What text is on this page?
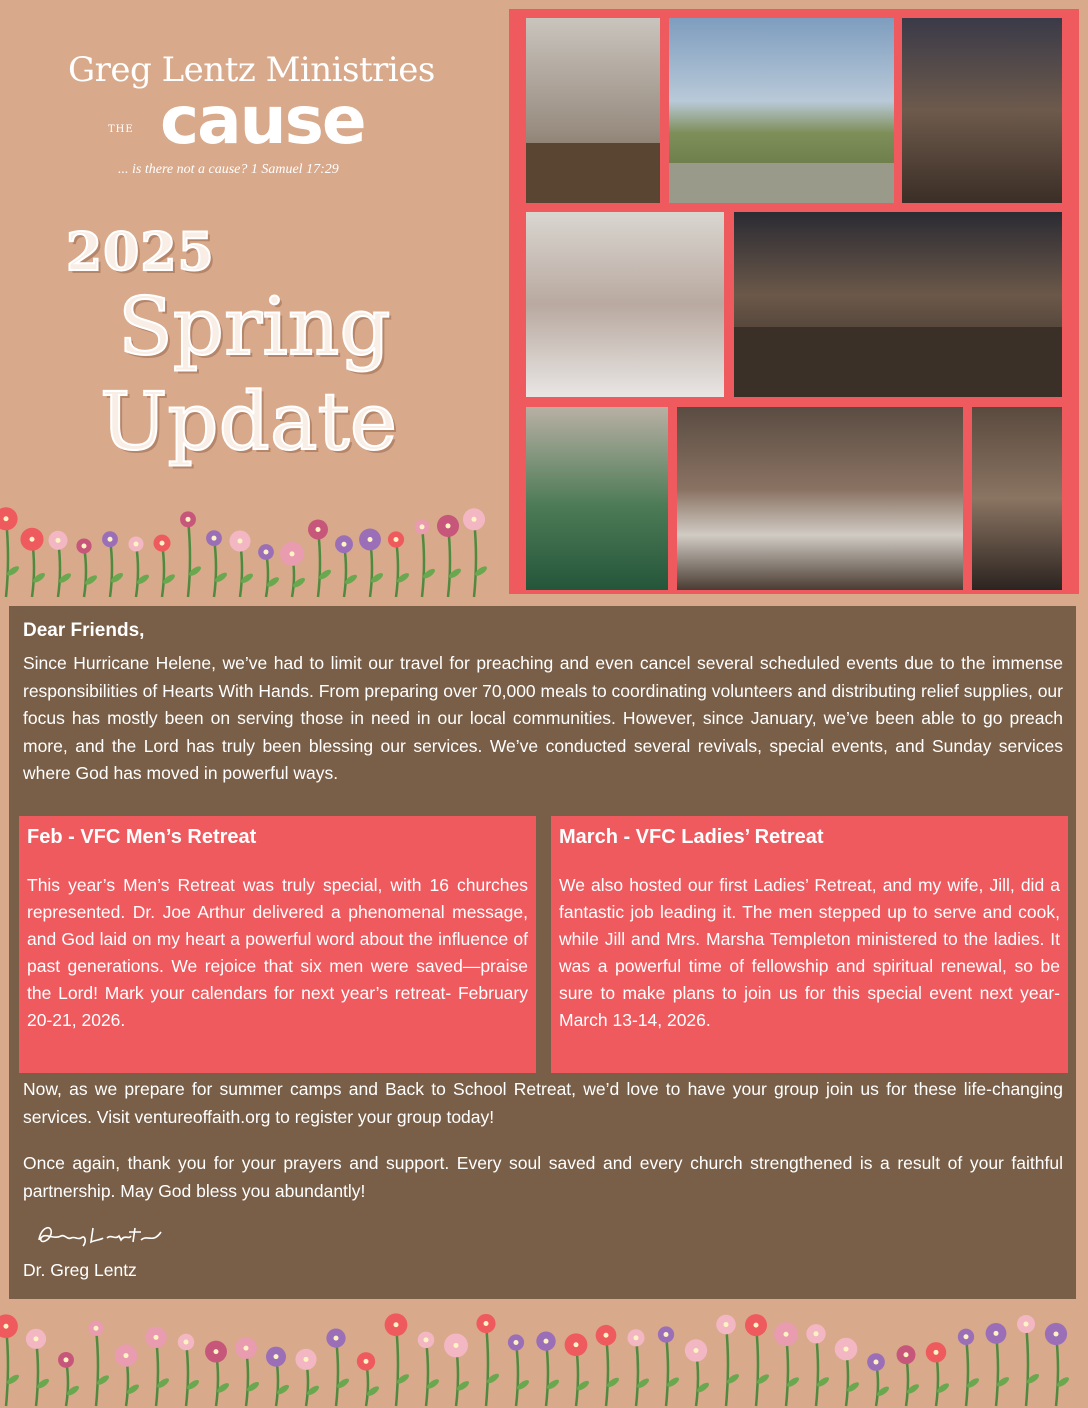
Greg Lentz Ministries
THE cause
... is there not a cause? 1 Samuel 17:29
2025
Spring
Update
Dear Friends,

Since Hurricane Helene, we’ve had to limit our travel for preaching and even cancel several scheduled events due to the immense responsibilities of Hearts With Hands. From preparing over 70,000 meals to coordinating volunteers and distributing relief supplies, our focus has mostly been on serving those in need in our local communities. However, since January, we’ve been able to go preach more, and the Lord has truly been blessing our services. We’ve conducted several revivals, special events, and Sunday services where God has moved in powerful ways.

Feb - VFC Men’s Retreat

This year’s Men’s Retreat was truly special, with 16 churches represented. Dr. Joe Arthur delivered a phenomenal message, and God laid on my heart a powerful word about the influence of past generations. We rejoice that six men were saved—praise the Lord! Mark your calendars for next year’s retreat- February 20-21, 2026.

March - VFC Ladies’ Retreat

We also hosted our first Ladies’ Retreat, and my wife, Jill, did a fantastic job leading it. The men stepped up to serve and cook, while Jill and Mrs. Marsha Templeton ministered to the ladies. It was a powerful time of fellowship and spiritual renewal, so be sure to make plans to join us for this special event next year- March 13-14, 2026.

Now, as we prepare for summer camps and Back to School Retreat, we’d love to have your group join us for these life-changing services. Visit ventureoffaith.org to register your group today!

Once again, thank you for your prayers and support. Every soul saved and every church strengthened is a result of your faithful partnership. May God bless you abundantly!

Dr. Greg Lentz
